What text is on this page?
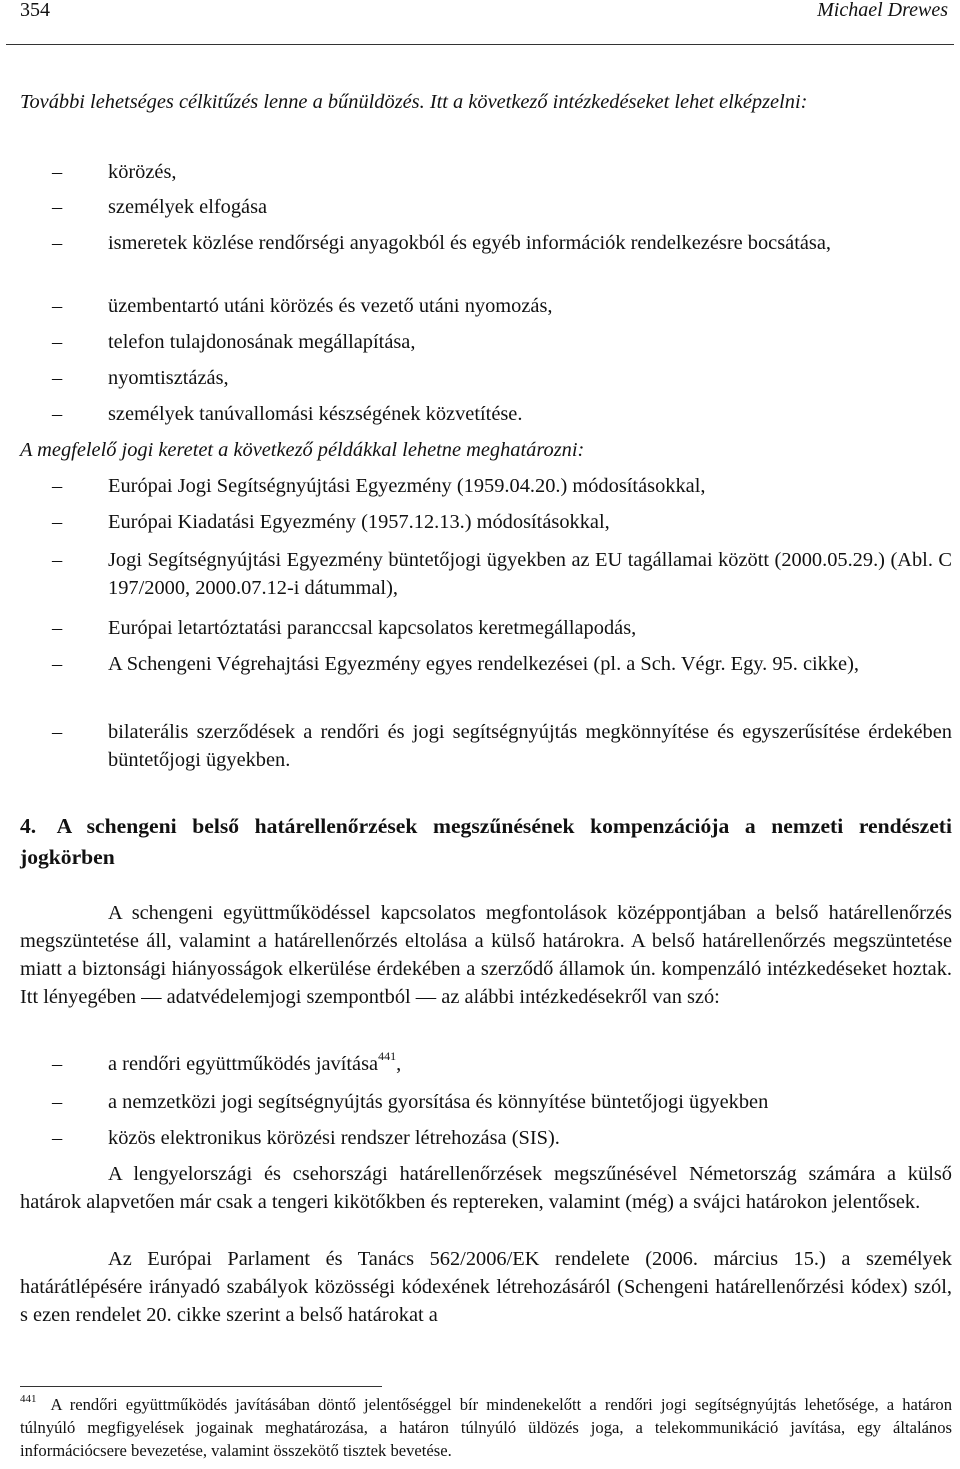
354	Michael Drewes

További lehetséges célkitűzés lenne a bűnüldözés. Itt a következő intézkedéseket lehet elképzelni:

– körözés,

– személyek elfogása

– ismeretek közlése rendőrségi anyagokból és egyéb információk rendelkezésre bocsátása,

– üzembentartó utáni körözés és vezető utáni nyomozás,

– telefon tulajdonosának megállapítása,

– nyomtisztázás,

– személyek tanúvallomási készségének közvetítése.

A megfelelő jogi keretet a következő példákkal lehetne meghatározni:

– Európai Jogi Segítségnyújtási Egyezmény (1959.04.20.) módosításokkal,

– Európai Kiadatási Egyezmény (1957.12.13.) módosításokkal,

– Jogi Segítségnyújtási Egyezmény büntetőjogi ügyekben az EU tagállamai között (2000.05.29.) (Abl. C 197/2000, 2000.07.12-i dátummal),

– Európai letartóztatási paranccsal kapcsolatos keretmegállapodás,

– A Schengeni Végrehajtási Egyezmény egyes rendelkezései (pl. a Sch. Végr. Egy. 95. cikke),

– bilaterális szerződések a rendőri és jogi segítségnyújtás megkönnyítése és egyszerűsítése érdekében büntetőjogi ügyekben.

4. A schengeni belső határellenőrzések megszűnésének kompenzációja a nemzeti rendészeti jogkörben

A schengeni együttműködéssel kapcsolatos megfontolások középpontjában a belső határellenőrzés megszüntetése áll, valamint a határellenőrzés eltolása a külső határokra. A belső határellenőrzés megszüntetése miatt a biztonsági hiányosságok elkerülése érdekében a szerződő államok ún. kompenzáló intézkedéseket hoztak. Itt lényegében — adatvédelemjogi szempontból — az alábbi intézkedésekről van szó:

– a rendőri együttműködés javítása$^{441}$,

– a nemzetközi jogi segítségnyújtás gyorsítása és könnyítése büntetőjogi ügyekben

– közös elektronikus körözési rendszer létrehozása (SIS).

A lengyelországi és csehországi határellenőrzések megszűnésével Németország számára a külső határok alapvetően már csak a tengeri kikötőkben és reptereken, valamint (még) a svájci határokon jelentősek.

Az Európai Parlament és Tanács 562/2006/EK rendelete (2006. március 15.) a személyek határátlépésére irányadó szabályok közösségi kódexének létrehozásáról (Schengeni határellenőrzési kódex) szól, s ezen rendelet 20. cikke szerint a belső határokat a

$^{441}$ A rendőri együttműködés javításában döntő jelentőséggel bír mindenekelőtt a rendőri jogi segítségnyújtás lehetősége, a határon túlnyúló megfigyelések jogainak meghatározása, a határon túlnyúló üldözés joga, a telekommunikáció javítása, egy általános információcsere bevezetése, valamint összekötő tisztek bevetése.
